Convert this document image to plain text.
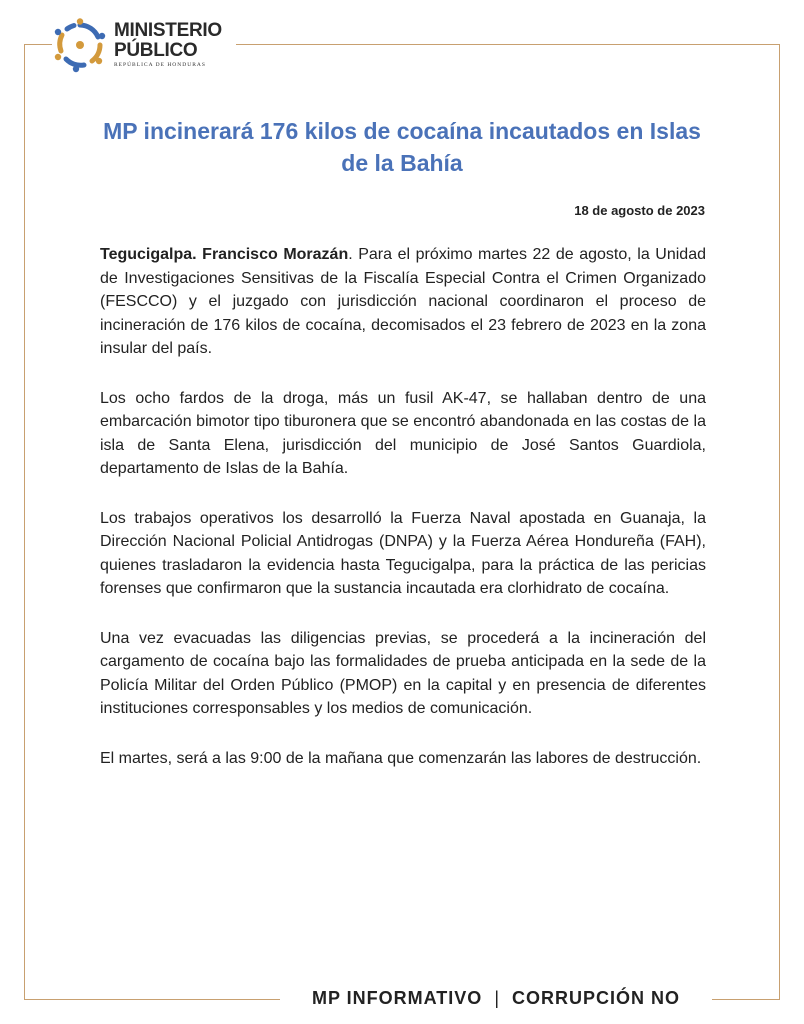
MINISTERIO
PÚBLICO
REPÚBLICA DE HONDURAS
MP incinerará 176 kilos de cocaína incautados en Islas de la Bahía
18 de agosto de 2023

Tegucigalpa. Francisco Morazán. Para el próximo martes 22 de agosto, la Unidad de Investigaciones Sensitivas de la Fiscalía Especial Contra el Crimen Organizado (FESCCO) y el juzgado con jurisdicción nacional coordinaron el proceso de incineración de 176 kilos de cocaína, decomisados el 23 febrero de 2023 en la zona insular del país.

Los ocho fardos de la droga, más un fusil AK-47, se hallaban dentro de una embarcación bimotor tipo tiburonera que se encontró abandonada en las costas de la isla de Santa Elena, jurisdicción del municipio de José Santos Guardiola, departamento de Islas de la Bahía.

Los trabajos operativos los desarrolló la Fuerza Naval apostada en Guanaja, la Dirección Nacional Policial Antidrogas (DNPA) y la Fuerza Aérea Hondureña (FAH), quienes trasladaron la evidencia hasta Tegucigalpa, para la práctica de las pericias forenses que confirmaron que la sustancia incautada era clorhidrato de cocaína.

Una vez evacuadas las diligencias previas, se procederá a la incineración del cargamento de cocaína bajo las formalidades de prueba anticipada en la sede de la Policía Militar del Orden Público (PMOP) en la capital y en presencia de diferentes instituciones corresponsables y los medios de comunicación.

El martes, será a las 9:00 de la mañana que comenzarán las labores de destrucción.

MP INFORMATIVO | CORRUPCIÓN NO
